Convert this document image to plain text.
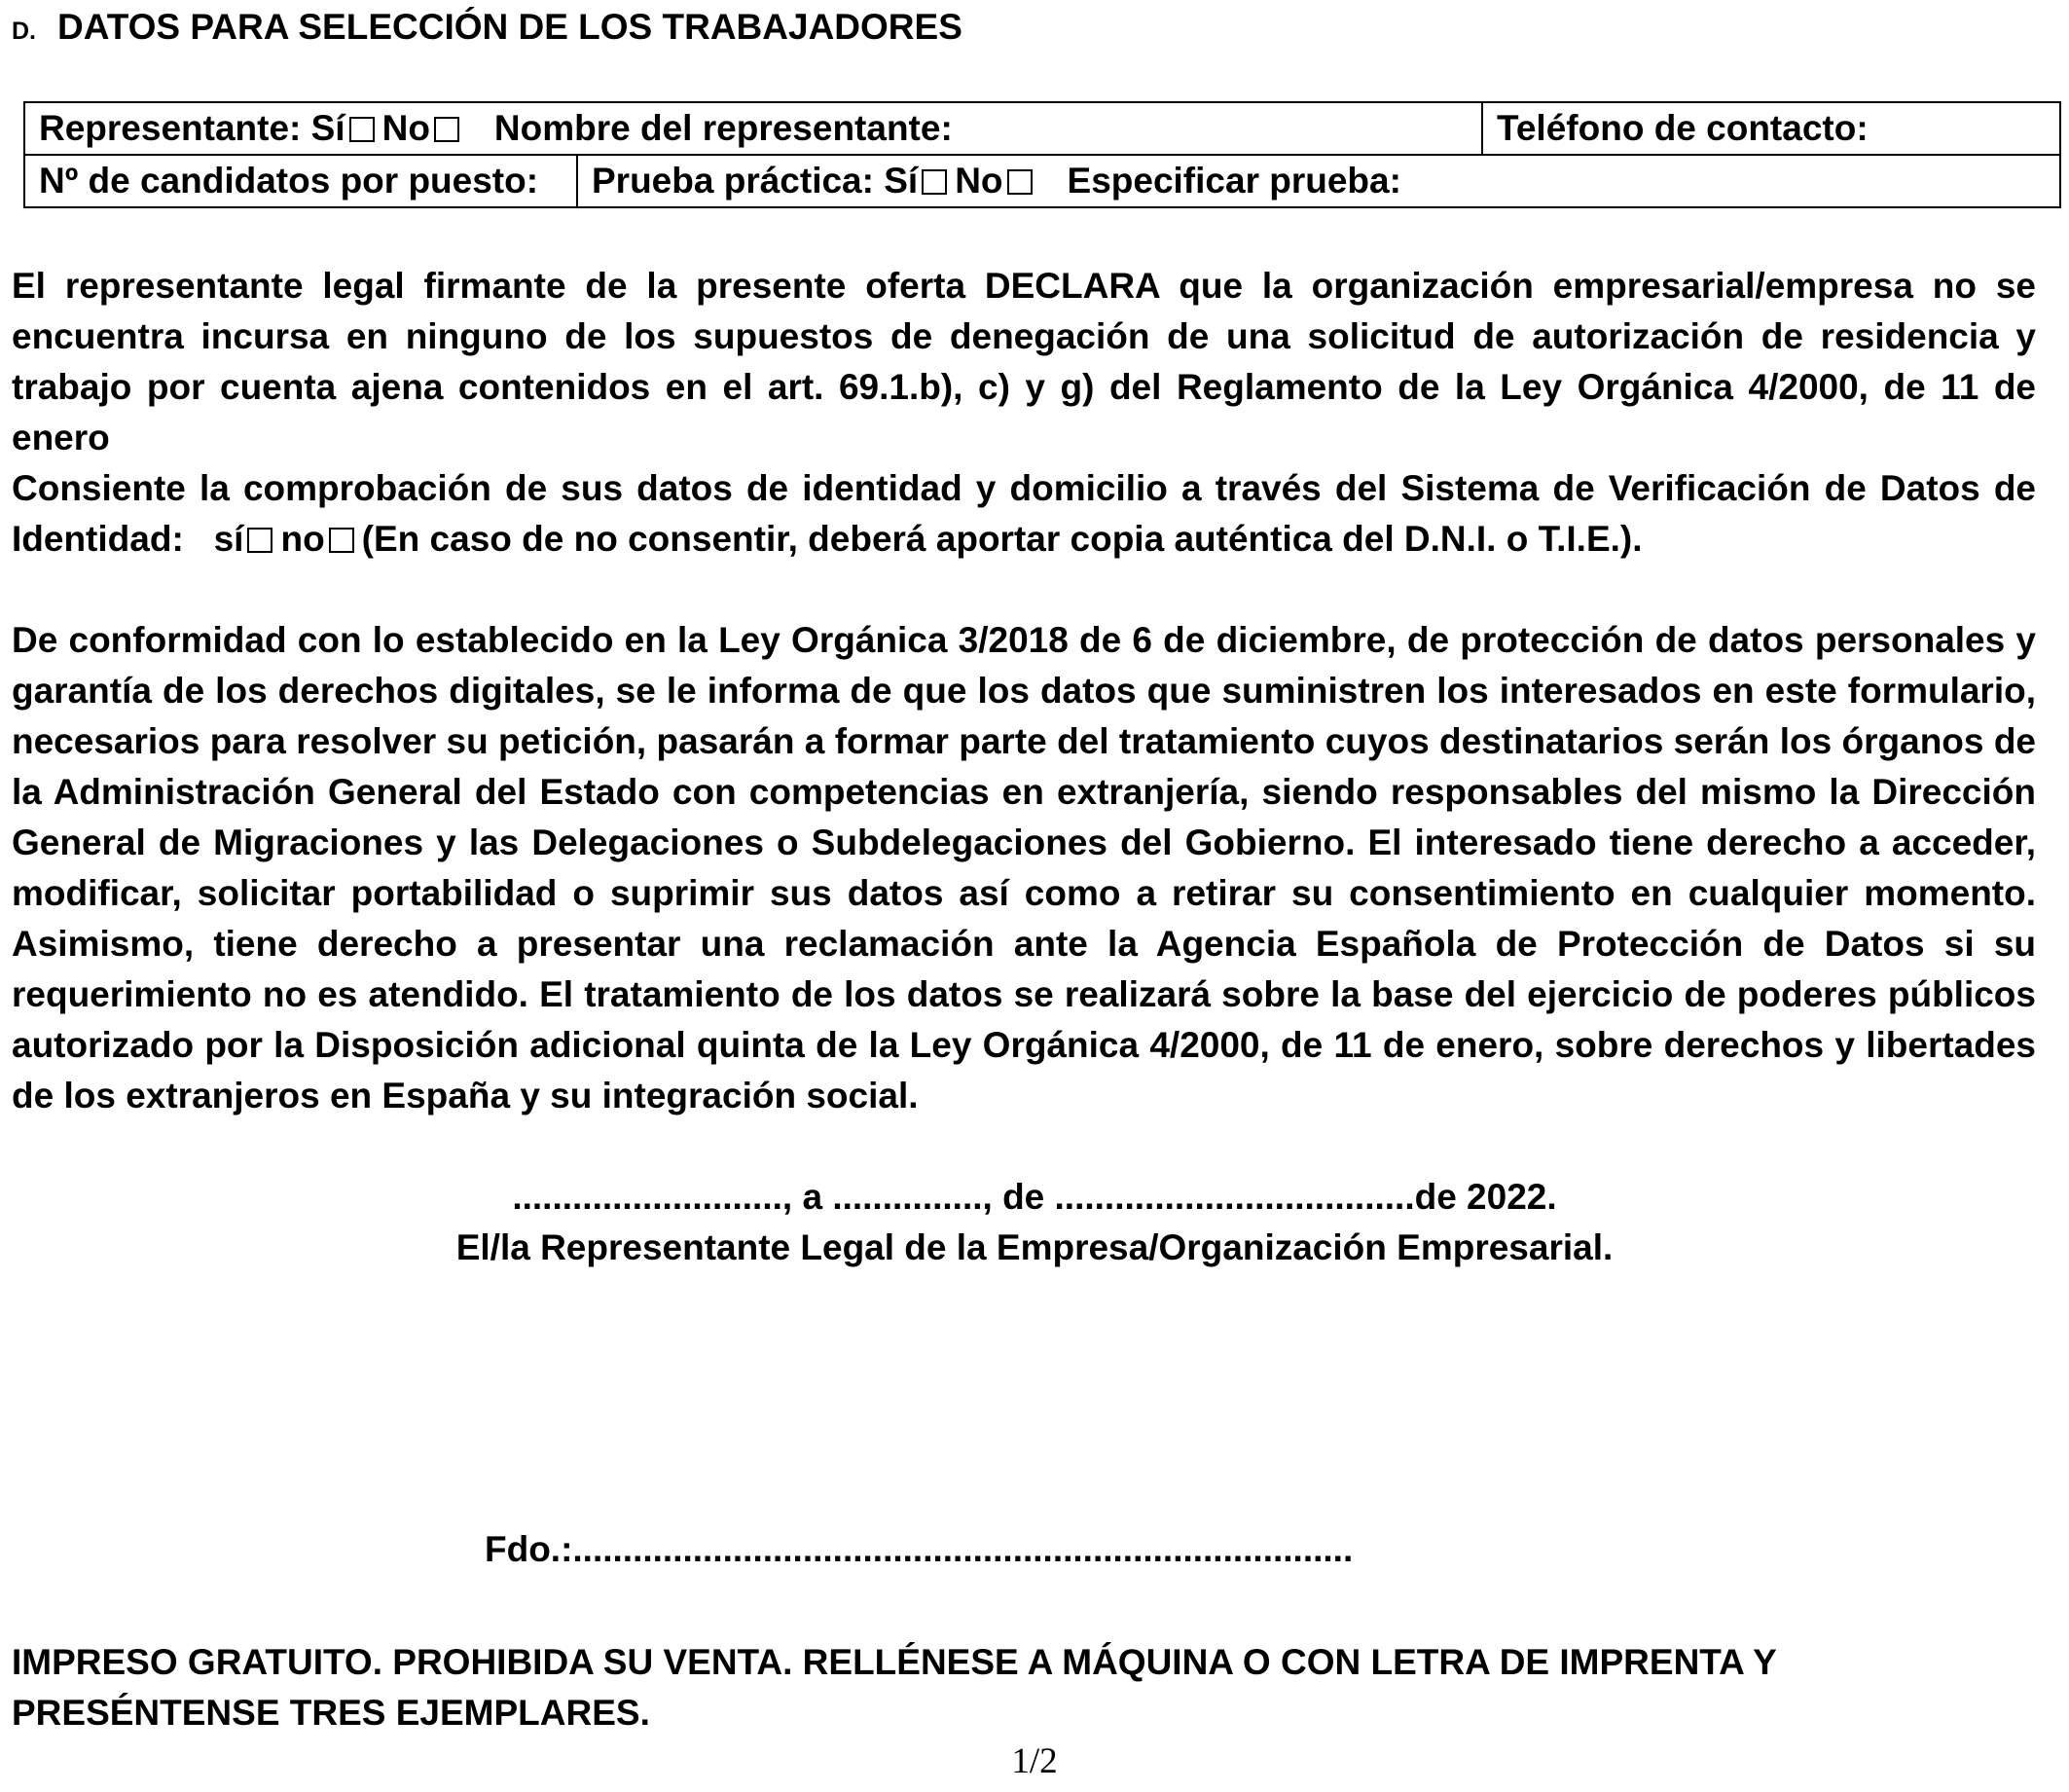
D. DATOS PARA SELECCIÓN DE LOS TRABAJADORES
Representante: Sí No Nombre del representante:		Teléfono de contacto:
Nº de candidatos por puesto:	Prueba práctica: Sí No Especificar prueba:	

El representante legal firmante de la presente oferta DECLARA que la organización empresarial/empresa no se encuentra incursa en ninguno de los supuestos de denegación de una solicitud de autorización de residencia y trabajo por cuenta ajena contenidos en el art. 69.1.b), c) y g) del Reglamento de la Ley Orgánica 4/2000, de 11 de enero

Consiente la comprobación de sus datos de identidad y domicilio a través del Sistema de Verificación de Datos de Identidad: sí no (En caso de no consentir, deberá aportar copia auténtica del D.N.I. o T.I.E.).

De conformidad con lo establecido en la Ley Orgánica 3/2018 de 6 de diciembre, de protección de datos personales y garantía de los derechos digitales, se le informa de que los datos que suministren los interesados en este formulario, necesarios para resolver su petición, pasarán a formar parte del tratamiento cuyos destinatarios serán los órganos de la Administración General del Estado con competencias en extranjería, siendo responsables del mismo la Dirección General de Migraciones y las Delegaciones o Subdelegaciones del Gobierno. El interesado tiene derecho a acceder, modificar, solicitar portabilidad o suprimir sus datos así como a retirar su consentimiento en cualquier momento. Asimismo, tiene derecho a presentar una reclamación ante la Agencia Española de Protección de Datos si su requerimiento no es atendido. El tratamiento de los datos se realizará sobre la base del ejercicio de poderes públicos autorizado por la Disposición adicional quinta de la Ley Orgánica 4/2000, de 11 de enero, sobre derechos y libertades de los extranjeros en España y su integración social.

..........................., a ..............., de ....................................de 2022.
El/la Representante Legal de la Empresa/Organización Empresarial.
Fdo.:..............................................................................

IMPRESO GRATUITO. PROHIBIDA SU VENTA. RELLÉNESE A MÁQUINA O CON LETRA DE IMPRENTA Y PRESÉNTENSE TRES EJEMPLARES.

1/2
